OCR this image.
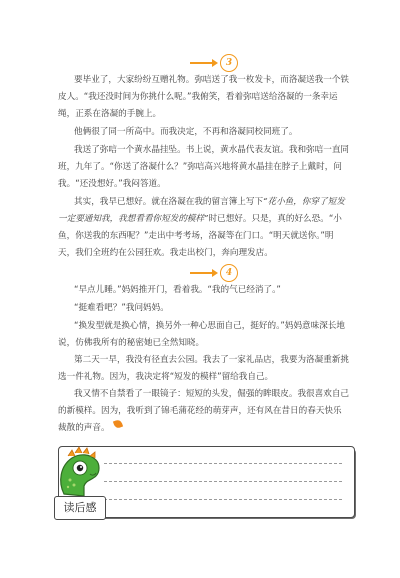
3

要毕业了，大家纷纷互赠礼物。弥唁送了我一枚发卡，而洛凝送我一个铁皮人。“我还没时间为你挑什么呢。”我俯笑，看着弥唁送给洛凝的一条幸运绳，正系在洛凝的手腕上。

他俩很了同一所高中。而我决定，不再和洛凝同校同班了。

我送了弥唁一个黄水晶挂坠。书上说，黄水晶代表友谊。我和弥唁一直同班，九年了。“你送了洛凝什么？”弥唁高兴地将黄水晶挂在脖子上戴时，问我。“还没想好。”我闷答道。

其实，我早已想好。就在洛凝在我的留言簿上写下“花小鱼，你穿了短发一定要通知我，我想看看你短发的模样”时已想好。只是，真的好么恐。“小鱼，你送我的东西呢？”走出中考考场，洛凝等在门口。“明天就送你。”明天，我们全班约在公园狂欢。我走出校门，奔向理发店。

4

“早点儿睡。”妈妈推开门，看着我。“我的气已经消了。”

“挺难看吧？”我问妈妈。

“换发型就是换心情，换另外一种心思面自己，挺好的。”妈妈意味深长地说，仿佛我所有的秘密她已全然知晓。

第二天一早，我没有径直去公园。我去了一家礼品店，我要为洛凝重新挑选一件礼物。因为，我决定将“短发的模样”留给我自己。

我又情不自禁看了一眼镜子：短短的头发，倔强的眸眼皮。我很喜欢自己的新模样。因为，我听到了锦毛蒲花经的萌芽声，还有风在昔日的春天快乐裁散的声音。

读后感
